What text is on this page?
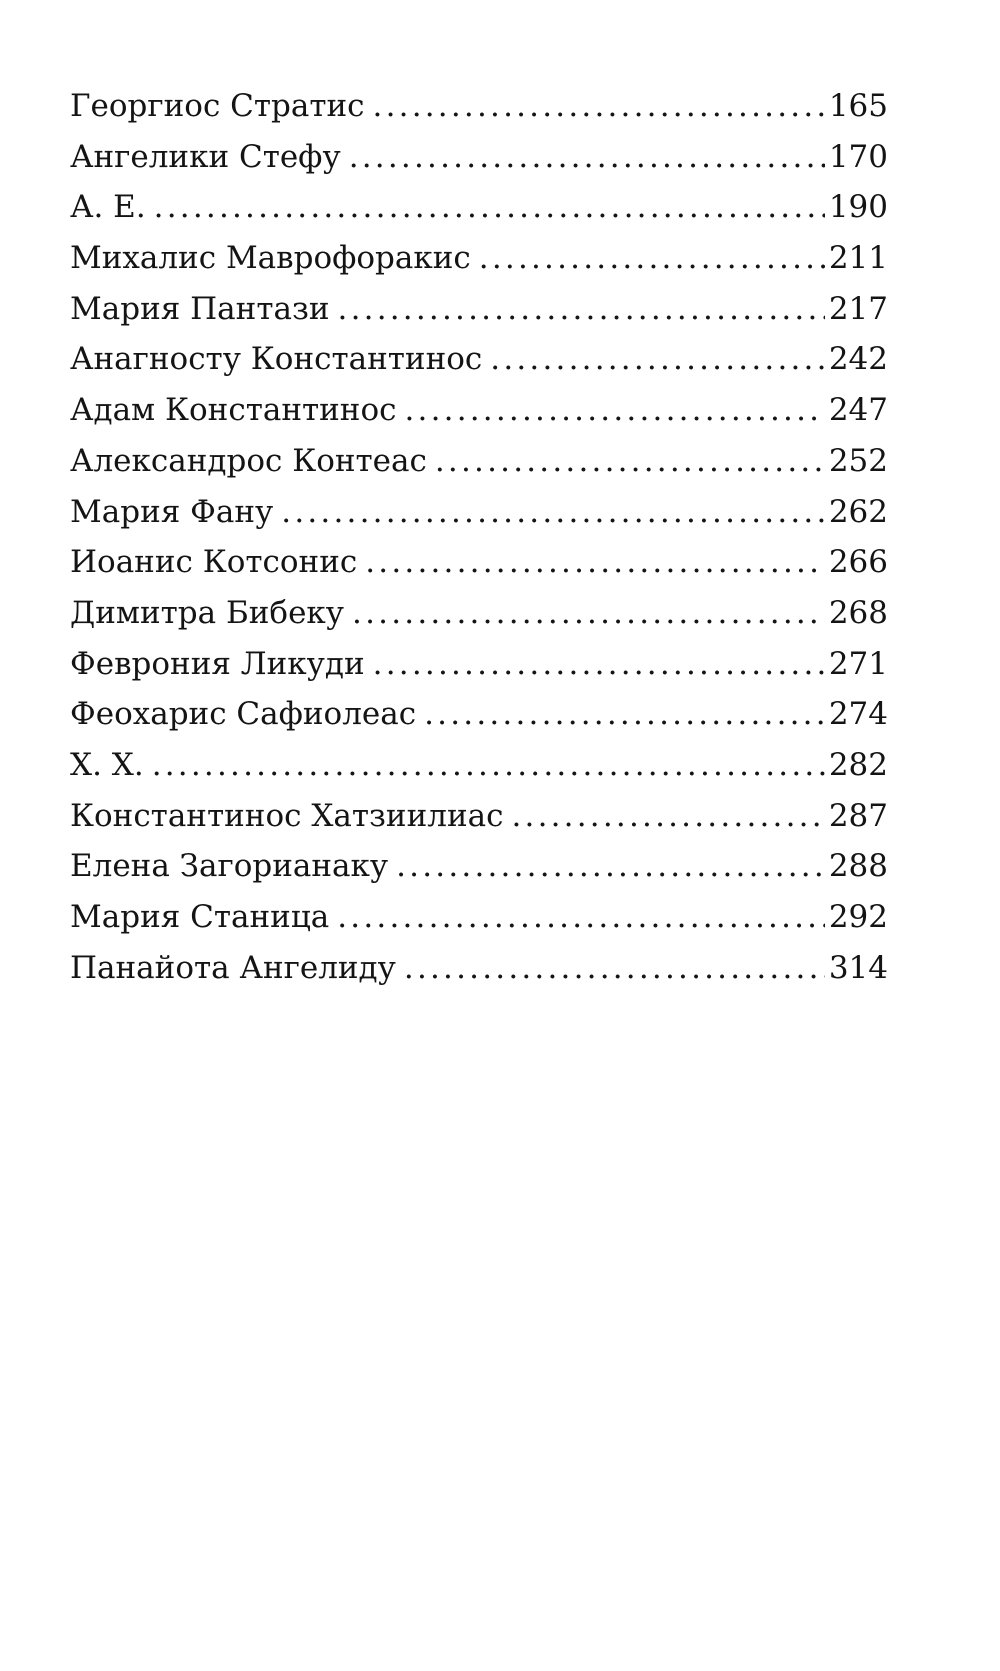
Георгиос Стратис .....	165
Ангелики Стефу .....	170
А. Е. .....	190
Михалис Маврофоракис .....	211
Мария Пантази .....	217
Анагносту Константинос .....	242
Адам Константинос .....	247
Александрос Контеас .....	252
Мария Фану .....	262
Иоанис Котсонис .....	266
Димитра Бибеку .....	268
Феврония Ликуди .....	271
Феохарис Сафиолеас .....	274
Х. Х. .....	282
Константинос Хатзиилиас .....	287
Елена Загорианаку .....	288
Мария Станица .....	292
Панайота Ангелиду .....	314
